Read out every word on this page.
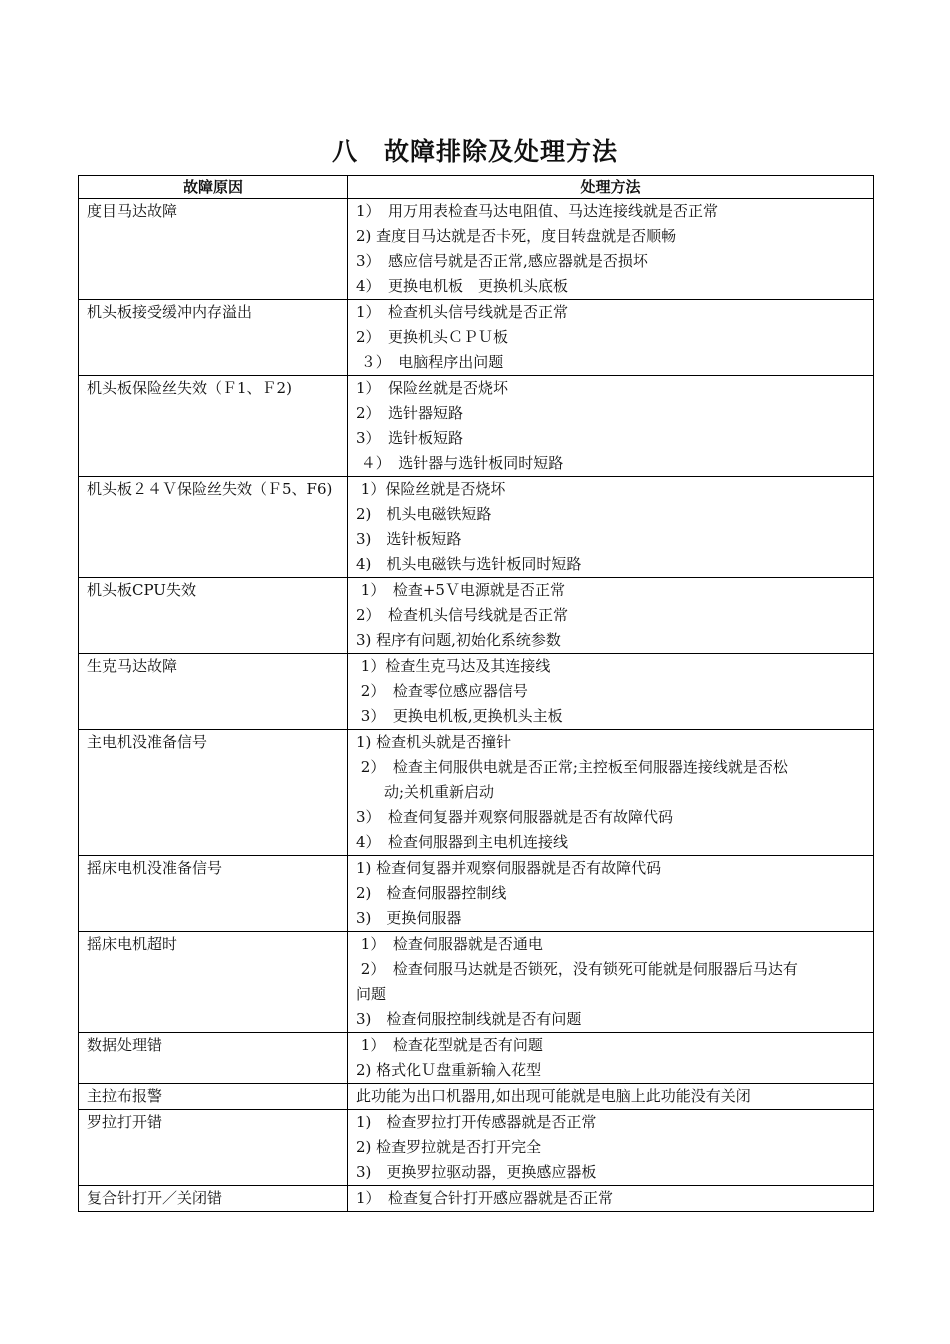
八　故障排除及处理方法
故障原因	处理方法
度目马达故障	1）　用万用表检查马达电阻值、马达连接线就是否正常
2) 查度目马达就是否卡死，度目转盘就是否顺畅
3）　感应信号就是否正常,感应器就是否损坏
4）　更换电机板　更换机头底板

机头板接受缓冲内存溢出	1）　检查机头信号线就是否正常
2）　更换机头ＣＰＵ板
３）　电脑程序出问题

机头板保险丝失效（Ｆ1、Ｆ2)	1）　保险丝就是否烧坏
2）　选针器短路
3）　选针板短路
４）　选针器与选针板同时短路

机头板２４Ｖ保险丝失效（Ｆ5、F6)	1）保险丝就是否烧坏
2)　机头电磁铁短路
3)　选针板短路
4)　机头电磁铁与选针板同时短路

机头板CPU失效	1）　检查+5Ｖ电源就是否正常
2）　检查机头信号线就是否正常
3) 程序有问题,初始化系统参数

生克马达故障	1）检查生克马达及其连接线
2）　检查零位感应器信号
3）　更换电机板,更换机头主板

主电机没准备信号	1) 检查机头就是否撞针
2）　检查主伺服供电就是否正常;主控板至伺服器连接线就是否松
动;关机重新启动
3）　检查伺复器并观察伺服器就是否有故障代码
4）　检查伺服器到主电机连接线

摇床电机没准备信号	1) 检查伺复器并观察伺服器就是否有故障代码
2)　检查伺服器控制线
3)　更换伺服器

摇床电机超时	1）　检查伺服器就是否通电
2）　检查伺服马达就是否锁死，没有锁死可能就是伺服器后马达有
问题
3)　检查伺服控制线就是否有问题

数据处理错	1）　检查花型就是否有问题
2) 格式化Ｕ盘重新输入花型

主拉布报警	此功能为出口机器用,如出现可能就是电脑上此功能没有关闭

罗拉打开错	1)　检查罗拉打开传感器就是否正常
2) 检查罗拉就是否打开完全
3)　更换罗拉驱动器，更换感应器板

复合针打开／关闭错	1）　检查复合针打开感应器就是否正常
